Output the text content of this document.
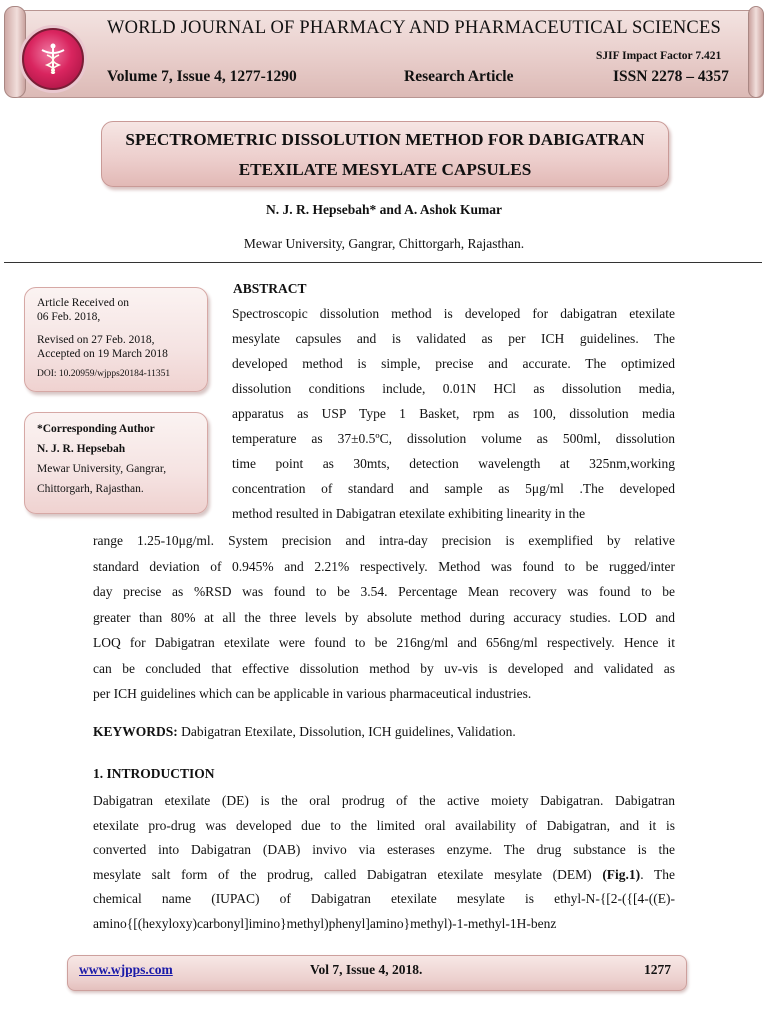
WORLD JOURNAL OF PHARMACY AND PHARMACEUTICAL SCIENCES
SJIF Impact Factor 7.421
Volume 7, Issue 4, 1277-1290	Research Article	ISSN 2278 – 4357
SPECTROMETRIC DISSOLUTION METHOD FOR DABIGATRAN
ETEXILATE MESYLATE CAPSULES
N. J. R. Hepsebah* and A. Ashok Kumar
Mewar University, Gangrar, Chittorgarh, Rajasthan.
Article Received on
06 Feb. 2018,
Revised on 27 Feb. 2018,
Accepted on 19 March 2018
DOI: 10.20959/wjpps20184-11351
*Corresponding Author
N. J. R. Hepsebah
Mewar University, Gangrar,
Chittorgarh, Rajasthan.
ABSTRACT
Spectroscopic dissolution method is developed for dabigatran etexilate
mesylate capsules and is validated as per ICH guidelines. The
developed method is simple, precise and accurate. The optimized
dissolution conditions include, 0.01N HCl as dissolution media,
apparatus as USP Type 1 Basket, rpm as 100, dissolution media
temperature as 37±0.5ºC, dissolution volume as 500ml, dissolution
time point as 30mts, detection wavelength at 325nm,working
concentration of standard and sample as 5μg/ml .The developed
method resulted in Dabigatran etexilate exhibiting linearity in the
range 1.25-10μg/ml. System precision and intra-day precision is exemplified by relative
standard deviation of 0.945% and 2.21% respectively. Method was found to be rugged/inter
day precise as %RSD was found to be 3.54. Percentage Mean recovery was found to be
greater than 80% at all the three levels by absolute method during accuracy studies. LOD and
LOQ for Dabigatran etexilate were found to be 216ng/ml and 656ng/ml respectively. Hence it
can be concluded that effective dissolution method by uv-vis is developed and validated as
per ICH guidelines which can be applicable in various pharmaceutical industries.
KEYWORDS: Dabigatran Etexilate, Dissolution, ICH guidelines, Validation.
1. INTRODUCTION
Dabigatran etexilate (DE) is the oral prodrug of the active moiety Dabigatran. Dabigatran
etexilate pro-drug was developed due to the limited oral availability of Dabigatran, and it is
converted into Dabigatran (DAB) invivo via esterases enzyme. The drug substance is the
mesylate salt form of the prodrug, called Dabigatran etexilate mesylate (DEM) (Fig.1). The
chemical name (IUPAC) of Dabigatran etexilate mesylate is ethyl-N-{[2-({[4-((E)-
amino{[(hexyloxy)carbonyl]imino}methyl)phenyl]amino}methyl)-1-methyl-1H-benz
www.wjpps.com	Vol 7, Issue 4, 2018.	1277
